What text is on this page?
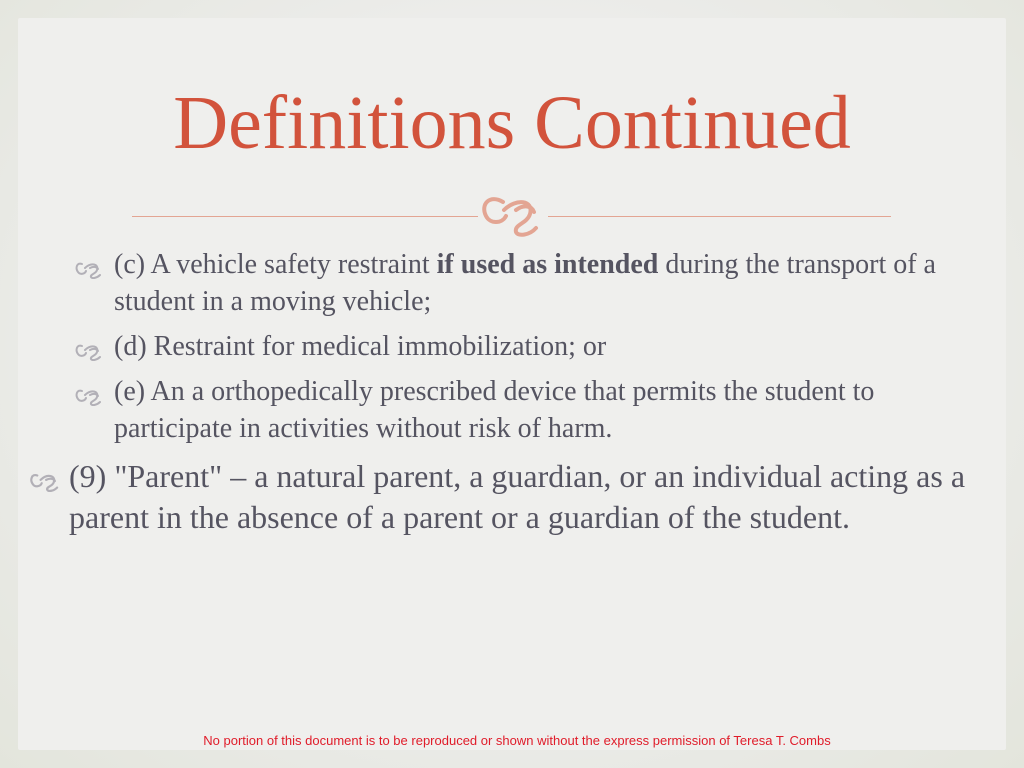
Definitions Continued
(c) A vehicle safety restraint if used as intended during the transport of a student in a moving vehicle;
(d) Restraint for medical immobilization; or
(e) An a orthopedically prescribed device that permits the student to participate in activities without risk of harm.
(9) "Parent" – a natural parent, a guardian, or an individual acting as a parent in the absence of a parent or a guardian of the student.
No portion of this document is to be reproduced or shown without the express permission of Teresa T. Combs
